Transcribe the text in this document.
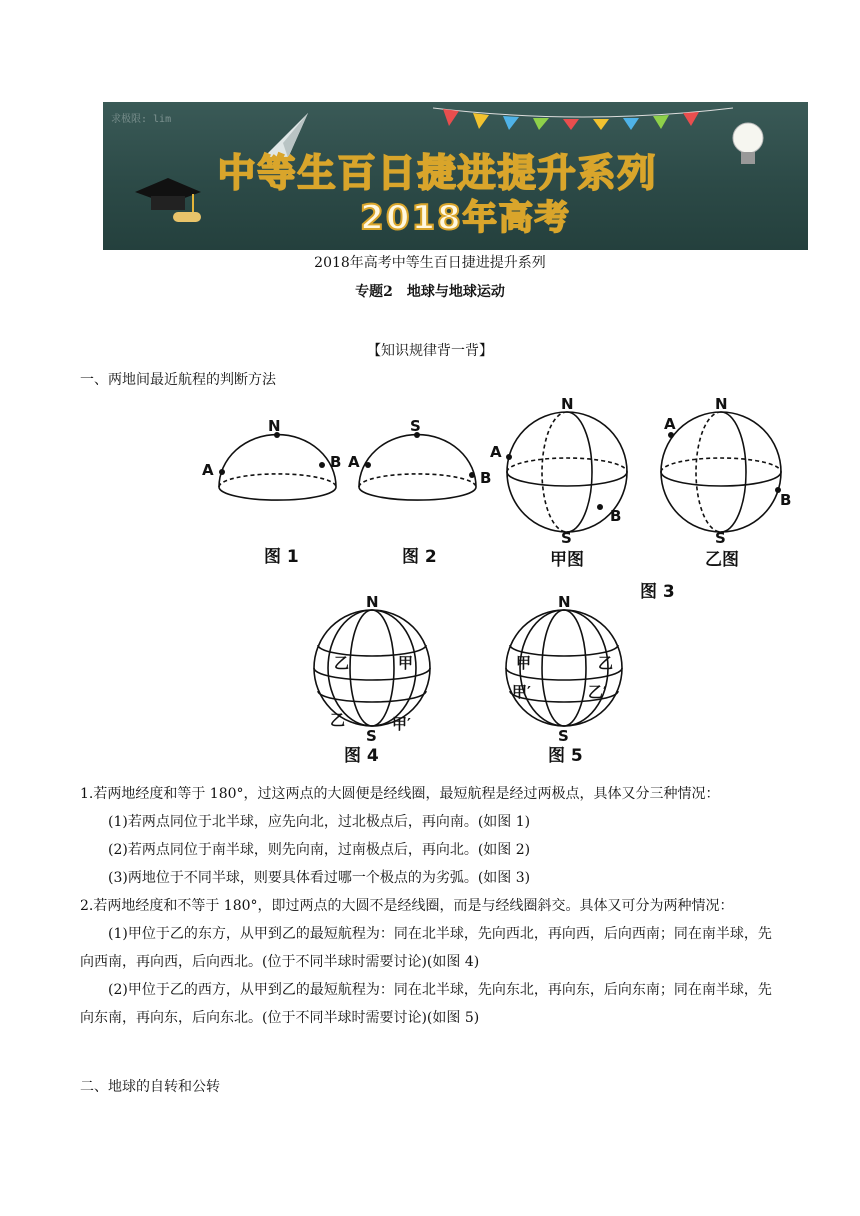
求极限: lim
中等生百日捷进提升系列
2018年高考
2018年高考中等生百日捷进提升系列
专题2　地球与地球运动
【知识规律背一背】
一、两地间最近航程的判断方法
A
N
B A
S
B
N
S
A
B
N
S
A
B
N
S
乙	甲
乙	甲′
N
S
甲	乙
甲′	乙′
图 1	图 2	甲图	乙图
图 3
图 4	图 5
1.若两地经度和等于 180°，过这两点的大圆便是经线圈，最短航程是经过两极点，具体又分三种情况：
(1)若两点同位于北半球，应先向北，过北极点后，再向南。(如图 1)
(2)若两点同位于南半球，则先向南，过南极点后，再向北。(如图 2)
(3)两地位于不同半球，则要具体看过哪一个极点的为劣弧。(如图 3)
2.若两地经度和不等于 180°，即过两点的大圆不是经线圈，而是与经线圈斜交。具体又可分为两种情况：
(1)甲位于乙的东方，从甲到乙的最短航程为：同在北半球，先向西北，再向西，后向西南；同在南半球，先向西南，再向西，后向西北。(位于不同半球时需要讨论)(如图 4)
(2)甲位于乙的西方，从甲到乙的最短航程为：同在北半球，先向东北，再向东，后向东南；同在南半球，先向东南，再向东，后向东北。(位于不同半球时需要讨论)(如图 5)
二、地球的自转和公转
